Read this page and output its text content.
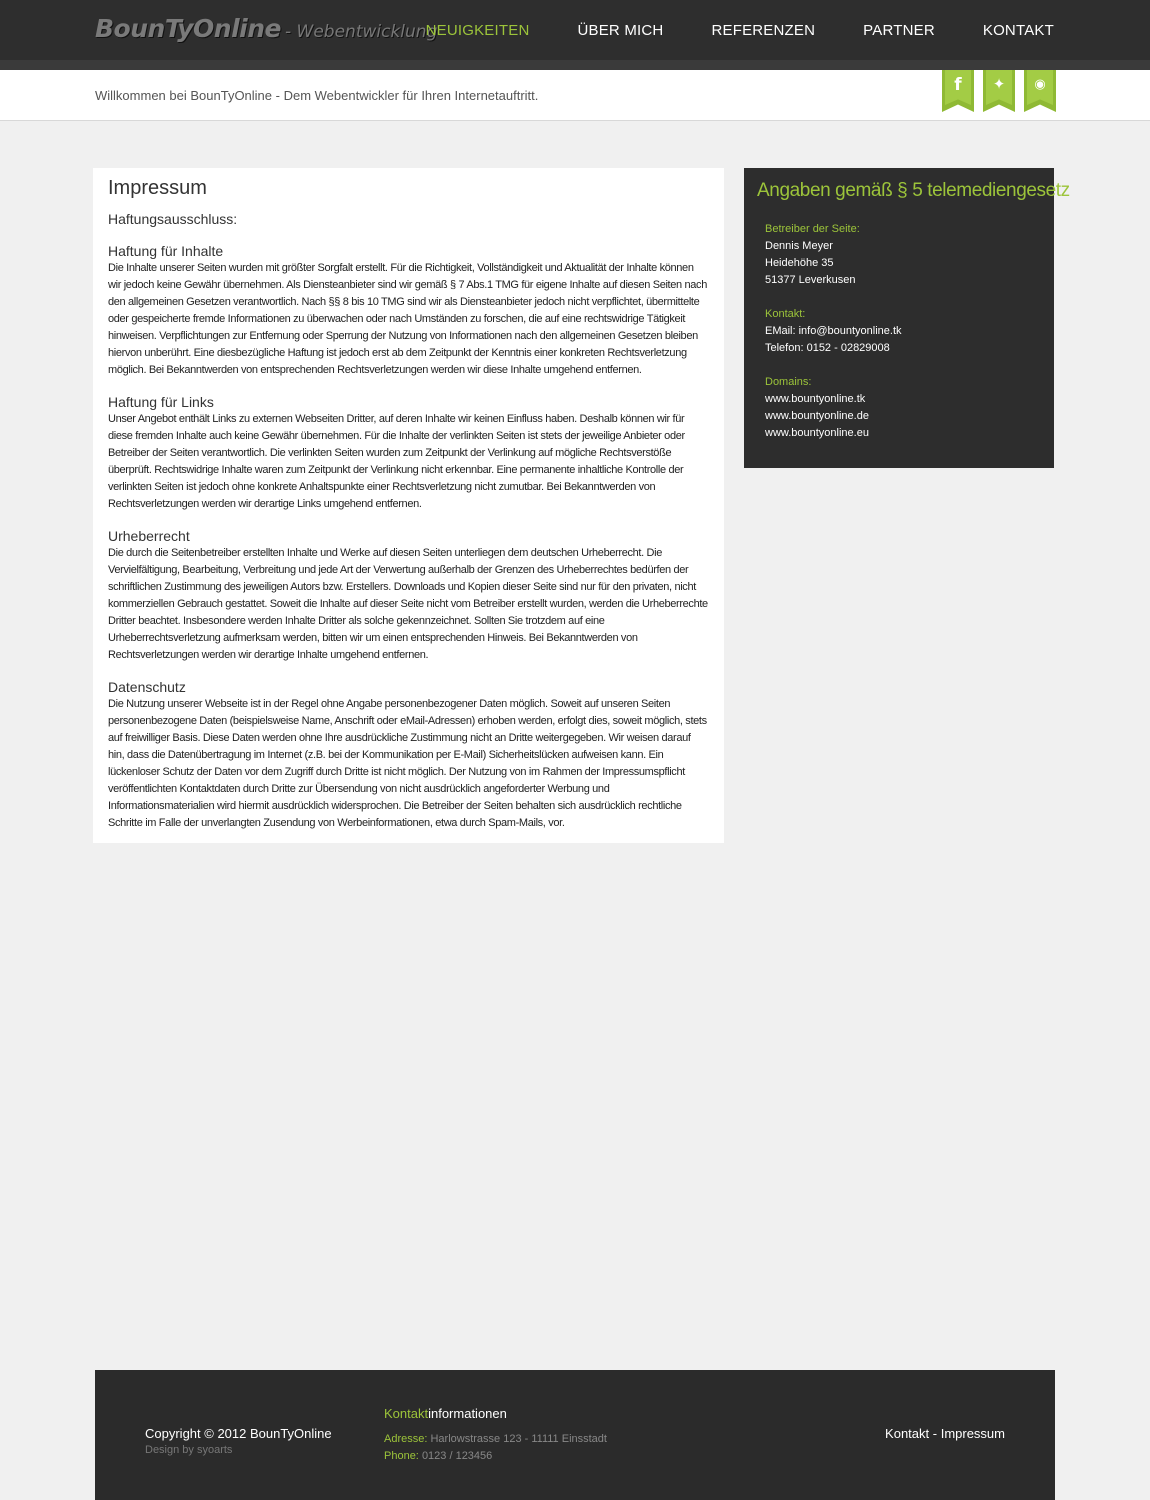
BounTyOnline - Webentwicklung
NEUIGKEITEN	ÜBER MICH	REFERENZEN	PARTNER	KONTAKT
Willkommen bei BounTyOnline - Dem Webentwickler für Ihren Internetauftritt.
f	✦	◉
Impressum
Haftungsausschluss:
Haftung für Inhalte

Die Inhalte unserer Seiten wurden mit größter Sorgfalt erstellt. Für die Richtigkeit, Vollständigkeit und Aktualität der Inhalte können wir jedoch keine Gewähr übernehmen. Als Diensteanbieter sind wir gemäß § 7 Abs.1 TMG für eigene Inhalte auf diesen Seiten nach den allgemeinen Gesetzen verantwortlich. Nach §§ 8 bis 10 TMG sind wir als Diensteanbieter jedoch nicht verpflichtet, übermittelte oder gespeicherte fremde Informationen zu überwachen oder nach Umständen zu forschen, die auf eine rechtswidrige Tätigkeit hinweisen. Verpflichtungen zur Entfernung oder Sperrung der Nutzung von Informationen nach den allgemeinen Gesetzen bleiben hiervon unberührt. Eine diesbezügliche Haftung ist jedoch erst ab dem Zeitpunkt der Kenntnis einer konkreten Rechtsverletzung möglich. Bei Bekanntwerden von entsprechenden Rechtsverletzungen werden wir diese Inhalte umgehend entfernen.

Haftung für Links

Unser Angebot enthält Links zu externen Webseiten Dritter, auf deren Inhalte wir keinen Einfluss haben. Deshalb können wir für diese fremden Inhalte auch keine Gewähr übernehmen. Für die Inhalte der verlinkten Seiten ist stets der jeweilige Anbieter oder Betreiber der Seiten verantwortlich. Die verlinkten Seiten wurden zum Zeitpunkt der Verlinkung auf mögliche Rechtsverstöße überprüft. Rechtswidrige Inhalte waren zum Zeitpunkt der Verlinkung nicht erkennbar. Eine permanente inhaltliche Kontrolle der verlinkten Seiten ist jedoch ohne konkrete Anhaltspunkte einer Rechtsverletzung nicht zumutbar. Bei Bekanntwerden von Rechtsverletzungen werden wir derartige Links umgehend entfernen.

Urheberrecht

Die durch die Seitenbetreiber erstellten Inhalte und Werke auf diesen Seiten unterliegen dem deutschen Urheberrecht. Die Vervielfältigung, Bearbeitung, Verbreitung und jede Art der Verwertung außerhalb der Grenzen des Urheberrechtes bedürfen der schriftlichen Zustimmung des jeweiligen Autors bzw. Erstellers. Downloads und Kopien dieser Seite sind nur für den privaten, nicht kommerziellen Gebrauch gestattet. Soweit die Inhalte auf dieser Seite nicht vom Betreiber erstellt wurden, werden die Urheberrechte Dritter beachtet. Insbesondere werden Inhalte Dritter als solche gekennzeichnet. Sollten Sie trotzdem auf eine Urheberrechtsverletzung aufmerksam werden, bitten wir um einen entsprechenden Hinweis. Bei Bekanntwerden von Rechtsverletzungen werden wir derartige Inhalte umgehend entfernen.

Datenschutz

Die Nutzung unserer Webseite ist in der Regel ohne Angabe personenbezogener Daten möglich. Soweit auf unseren Seiten personenbezogene Daten (beispielsweise Name, Anschrift oder eMail-Adressen) erhoben werden, erfolgt dies, soweit möglich, stets auf freiwilliger Basis. Diese Daten werden ohne Ihre ausdrückliche Zustimmung nicht an Dritte weitergegeben. Wir weisen darauf hin, dass die Datenübertragung im Internet (z.B. bei der Kommunikation per E-Mail) Sicherheitslücken aufweisen kann. Ein lückenloser Schutz der Daten vor dem Zugriff durch Dritte ist nicht möglich. Der Nutzung von im Rahmen der Impressumspflicht veröffentlichten Kontaktdaten durch Dritte zur Übersendung von nicht ausdrücklich angeforderter Werbung und Informationsmaterialien wird hiermit ausdrücklich widersprochen. Die Betreiber der Seiten behalten sich ausdrücklich rechtliche Schritte im Falle der unverlangten Zusendung von Werbeinformationen, etwa durch Spam-Mails, vor.

Angaben gemäß § 5 telemediengesetz
Betreiber der Seite:
Dennis Meyer
Heidehöhe 35
51377 Leverkusen
Kontakt:
EMail: info@bountyonline.tk
Telefon: 0152 - 02829008
Domains:
www.bountyonline.tk
www.bountyonline.de
www.bountyonline.eu
Copyright © 2012 BounTyOnline
Design by syoarts
Kontaktinformationen
Adresse: Harlowstrasse 123 - 11111 Einsstadt
Phone: 0123 / 123456
Kontakt - Impressum
